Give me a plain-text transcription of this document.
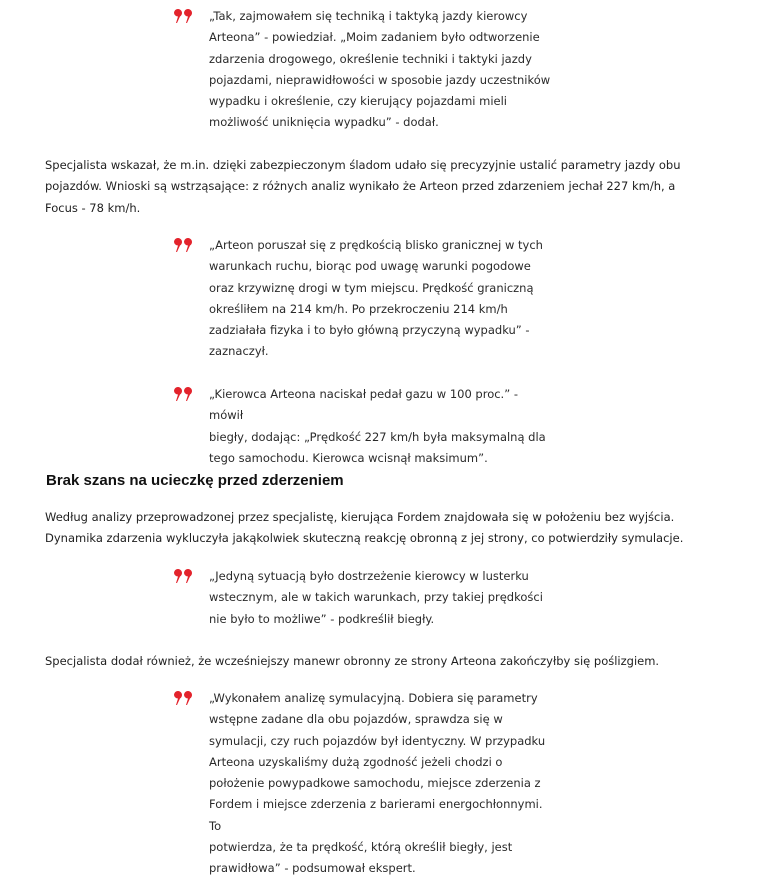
„Tak, zajmowałem się techniką i taktyką jazdy kierowcy
Arteona” - powiedział. „Moim zadaniem było odtworzenie
zdarzenia drogowego, określenie techniki i taktyki jazdy
pojazdami, nieprawidłowości w sposobie jazdy uczestników
wypadku i określenie, czy kierujący pojazdami mieli
możliwość uniknięcia wypadku” - dodał.
Specjalista wskazał, że m.in. dzięki zabezpieczonym śladom udało się precyzyjnie ustalić parametry jazdy obu
pojazdów. Wnioski są wstrząsające: z różnych analiz wynikało że Arteon przed zdarzeniem jechał 227 km/h, a
Focus - 78 km/h.
„Arteon poruszał się z prędkością blisko granicznej w tych
warunkach ruchu, biorąc pod uwagę warunki pogodowe
oraz krzywiznę drogi w tym miejscu. Prędkość graniczną
określiłem na 214 km/h. Po przekroczeniu 214 km/h
zadziałała fizyka i to było główną przyczyną wypadku” -
zaznaczył.
„Kierowca Arteona naciskał pedał gazu w 100 proc.” - mówił
biegły, dodając: „Prędkość 227 km/h była maksymalną dla
tego samochodu. Kierowca wcisnął maksimum”.
Brak szans na ucieczkę przed zderzeniem
Według analizy przeprowadzonej przez specjalistę, kierująca Fordem znajdowała się w położeniu bez wyjścia.
Dynamika zdarzenia wykluczyła jakąkolwiek skuteczną reakcję obronną z jej strony, co potwierdziły symulacje.
„Jedyną sytuacją było dostrzeżenie kierowcy w lusterku
wstecznym, ale w takich warunkach, przy takiej prędkości
nie było to możliwe” - podkreślił biegły.
Specjalista dodał również, że wcześniejszy manewr obronny ze strony Arteona zakończyłby się poślizgiem.
„Wykonałem analizę symulacyjną. Dobiera się parametry
wstępne zadane dla obu pojazdów, sprawdza się w
symulacji, czy ruch pojazdów był identyczny. W przypadku
Arteona uzyskaliśmy dużą zgodność jeżeli chodzi o
położenie powypadkowe samochodu, miejsce zderzenia z
Fordem i miejsce zderzenia z barierami energochłonnymi. To
potwierdza, że ta prędkość, którą określił biegły, jest
prawidłowa” - podsumował ekspert.
